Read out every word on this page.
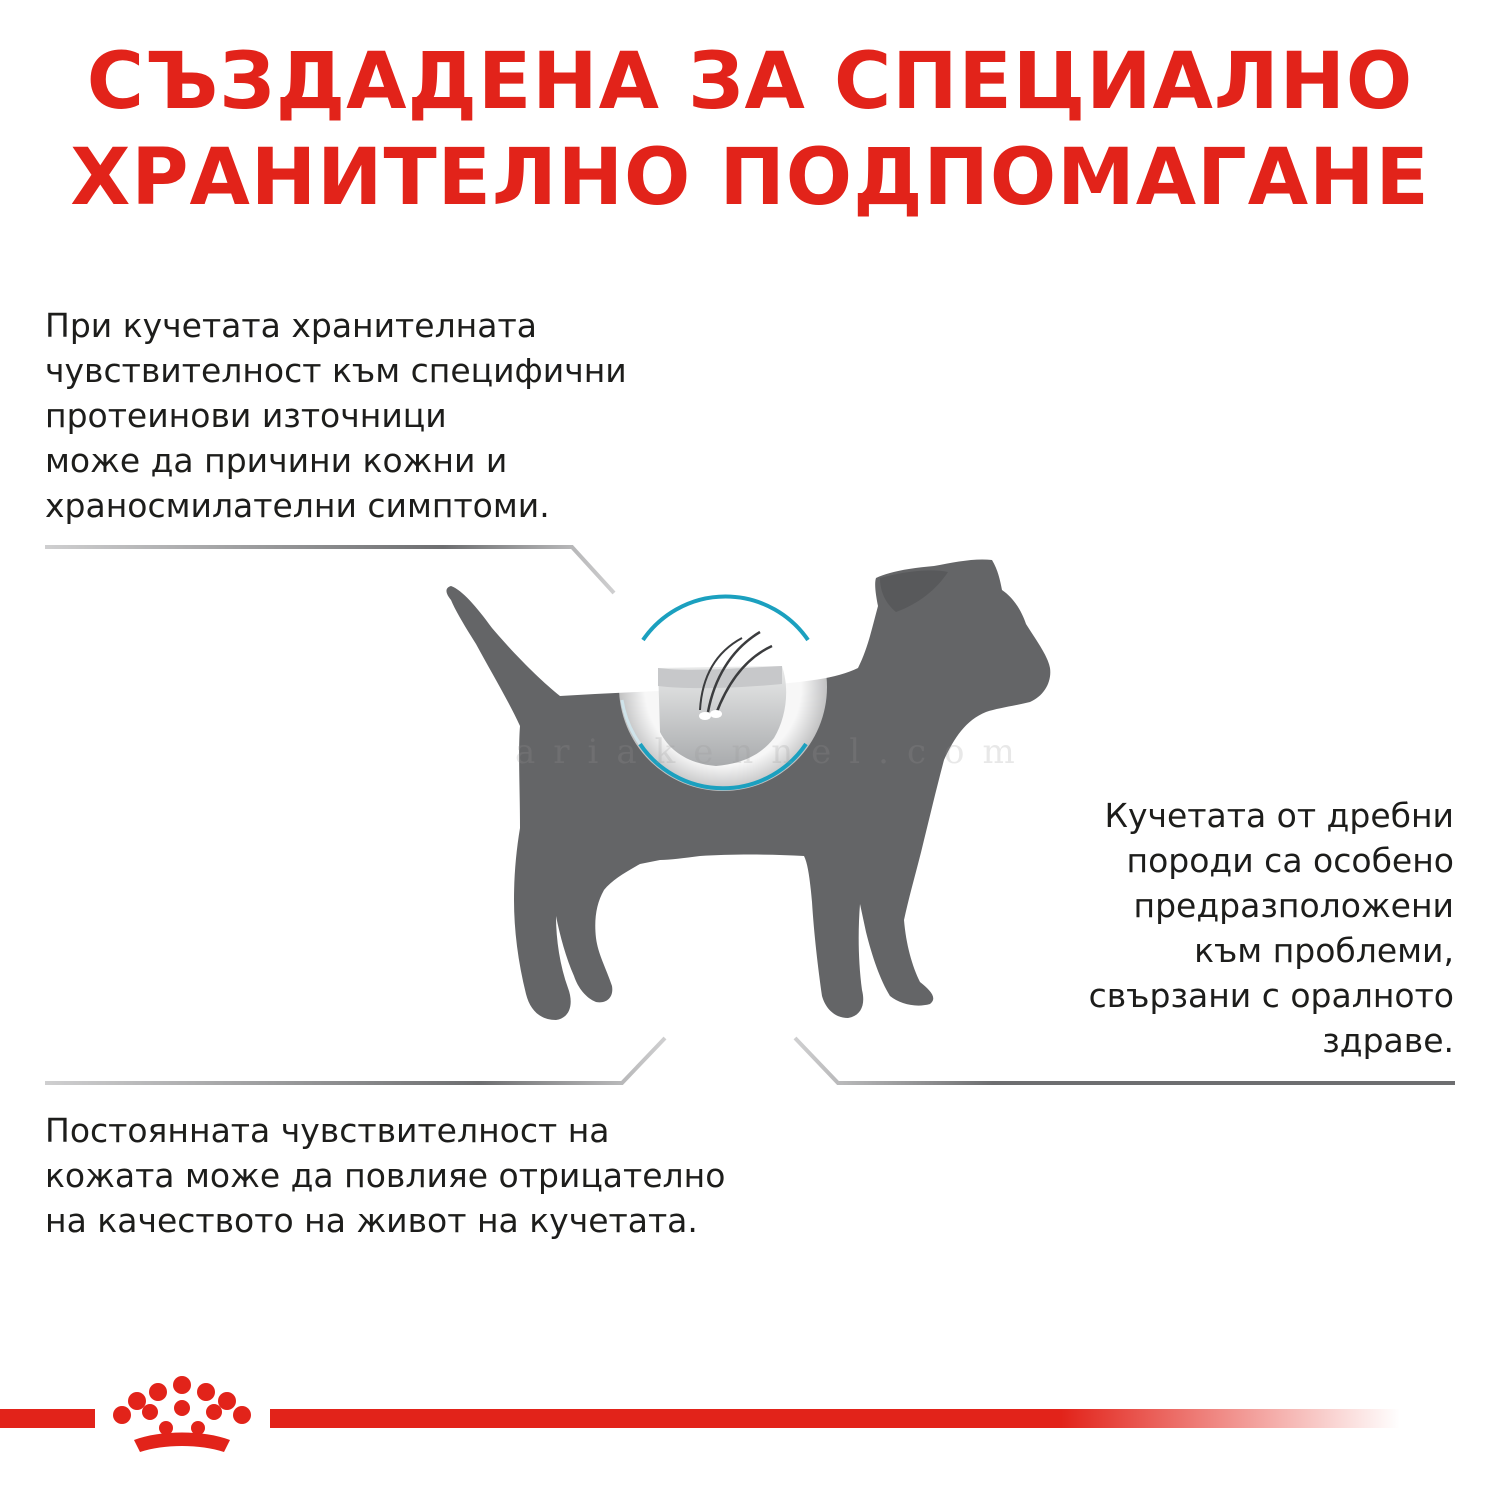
СЪЗДАДЕНА ЗА СПЕЦИАЛНО
ХРАНИТЕЛНО ПОДПОМАГАНЕ
При кучетата хранителната
чувствителност към специфични
протеинови източници
може да причини кожни и
храносмилателни симптоми.
Кучетата от дребни
породи са особено
предразположени
към проблеми,
свързани с оралното
здраве.
Постоянната чувствителност на
кожата може да повлияе отрицателно
на качеството на живот на кучетата.
ariakennel.com
